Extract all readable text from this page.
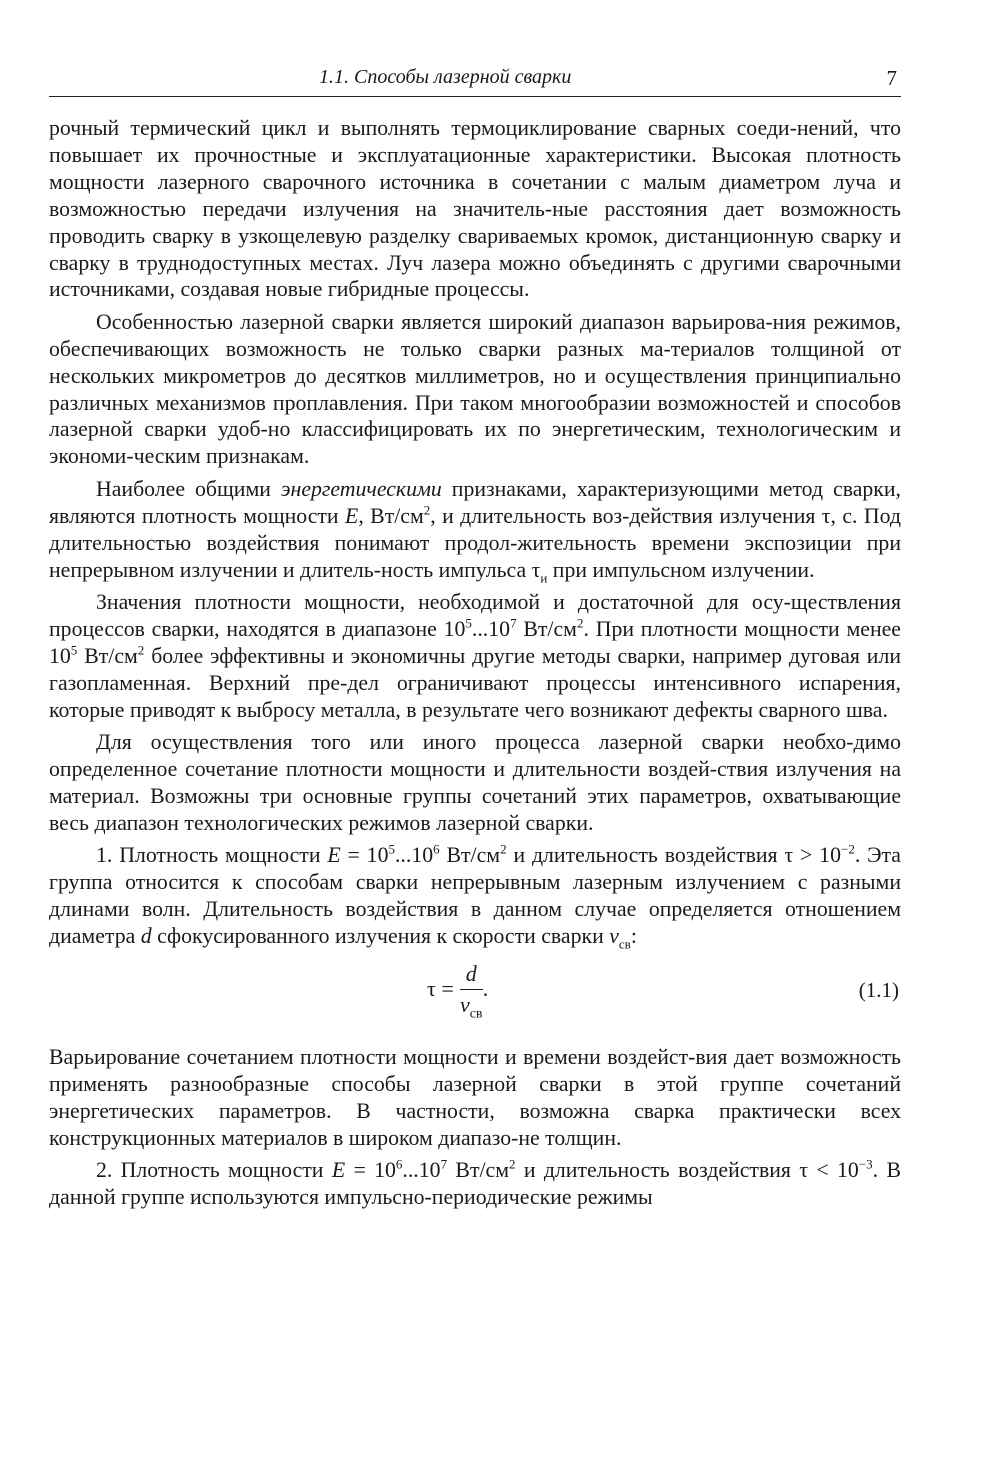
1.1. Способы лазерной сварки	7

рочный термический цикл и выполнять термоциклирование сварных соеди-нений, что повышает их прочностные и эксплуатационные характеристики. Высокая плотность мощности лазерного сварочного источника в сочетании с малым диаметром луча и возможностью передачи излучения на значитель-ные расстояния дает возможность проводить сварку в узкощелевую разделку свариваемых кромок, дистанционную сварку и сварку в труднодоступных местах. Луч лазера можно объединять с другими сварочными источниками, создавая новые гибридные процессы.

Особенностью лазерной сварки является широкий диапазон варьирова-ния режимов, обеспечивающих возможность не только сварки разных ма-териалов толщиной от нескольких микрометров до десятков миллиметров, но и осуществления принципиально различных механизмов проплавления. При таком многообразии возможностей и способов лазерной сварки удоб-но классифицировать их по энергетическим, технологическим и экономи-ческим признакам.

Наиболее общими энергетическими признаками, характеризующими метод сварки, являются плотность мощности E, $Вт/см^2$, и длительность воз-действия излучения τ, с. Под длительностью воздействия понимают продол-жительность времени экспозиции при непрерывном излучении и длитель-ность импульса $\tau_и$ при импульсном излучении.

Значения плотности мощности, необходимой и достаточной для осу-ществления процессов сварки, находятся в диапазоне $10^5...10^7$ $Вт/см^2$. При плотности мощности менее $10^5$ $Вт/см^2$ более эффективны и экономичны другие методы сварки, например дуговая или газопламенная. Верхний пре-дел ограничивают процессы интенсивного испарения, которые приводят к выбросу металла, в результате чего возникают дефекты сварного шва.

Для осуществления того или иного процесса лазерной сварки необхо-димо определенное сочетание плотности мощности и длительности воздей-ствия излучения на материал. Возможны три основные группы сочетаний этих параметров, охватывающие весь диапазон технологических режимов лазерной сварки.

1. Плотность мощности $E = 10^5...10^6$ $Вт/см^2$ и длительность воздействия $\tau > 10^{-2}$. Эта группа относится к способам сварки непрерывным лазерным излучением с разными длинами волн. Длительность воздействия в данном случае определяется отношением диаметра d сфокусированного излучения к скорости сварки $v_{св}$:

$\tau = \frac{d}{v_{св}}$ .	(1.1)

Варьирование сочетанием плотности мощности и времени воздейст-вия дает возможность применять разнообразные способы лазерной сварки в этой группе сочетаний энергетических параметров. В частности, возможна сварка практически всех конструкционных материалов в широком диапазо-не толщин.

2. Плотность мощности $E = 10^6...10^7$ $Вт/см^2$ и длительность воздействия $\tau < 10^{-3}$. В данной группе используются импульсно-периодические режимы
